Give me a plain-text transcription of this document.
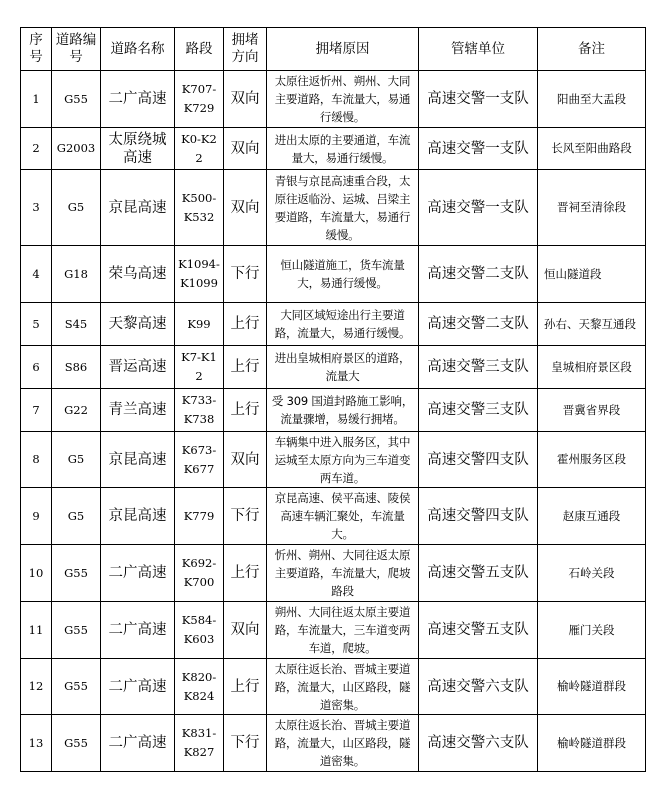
序号	道路编号	道路名称	路段	拥堵方向	拥堵原因	管辖单位	备注
1	G55	二广高速	K707-K729	双向	太原往返忻州、朔州、大同主要道路，车流量大，易通行缓慢。	高速交警一支队	阳曲至大盂段
2	G2003	太原绕城高速	K0-K22	双向	进出太原的主要通道，车流量大，易通行缓慢。	高速交警一支队	长风至阳曲路段
3	G5	京昆高速	K500-K532	双向	青银与京昆高速重合段，太原往返临汾、运城、吕梁主要道路，车流量大，易通行缓慢。	高速交警一支队	晋祠至清徐段
4	G18	荣乌高速	K1094-K1099	下行	恒山隧道施工，货车流量大，易通行缓慢。	高速交警二支队	恒山隧道段
5	S45	天黎高速	K99	上行	大同区域短途出行主要道路，流量大，易通行缓慢。	高速交警二支队	孙右、天黎互通段
6	S86	晋运高速	K7-K12	上行	进出皇城相府景区的道路，流量大	高速交警三支队	皇城相府景区段
7	G22	青兰高速	K733-K738	上行	受 309 国道封路施工影响，流量骤增，易缓行拥堵。	高速交警三支队	晋冀省界段
8	G5	京昆高速	K673-K677	双向	车辆集中进入服务区，其中运城至太原方向为三车道变两车道。	高速交警四支队	霍州服务区段
9	G5	京昆高速	K779	下行	京昆高速、侯平高速、陵侯高速车辆汇聚处，车流量大。	高速交警四支队	赵康互通段
10	G55	二广高速	K692-K700	上行	忻州、朔州、大同往返太原主要道路，车流量大，爬坡路段	高速交警五支队	石岭关段
11	G55	二广高速	K584-K603	双向	朔州、大同往返太原主要道路，车流量大，三车道变两车道，爬坡。	高速交警五支队	雁门关段
12	G55	二广高速	K820-K824	上行	太原往返长治、晋城主要道路，流量大，山区路段，隧道密集。	高速交警六支队	榆岭隧道群段
13	G55	二广高速	K831-K827	下行	太原往返长治、晋城主要道路，流量大，山区路段，隧道密集。	高速交警六支队	榆岭隧道群段
